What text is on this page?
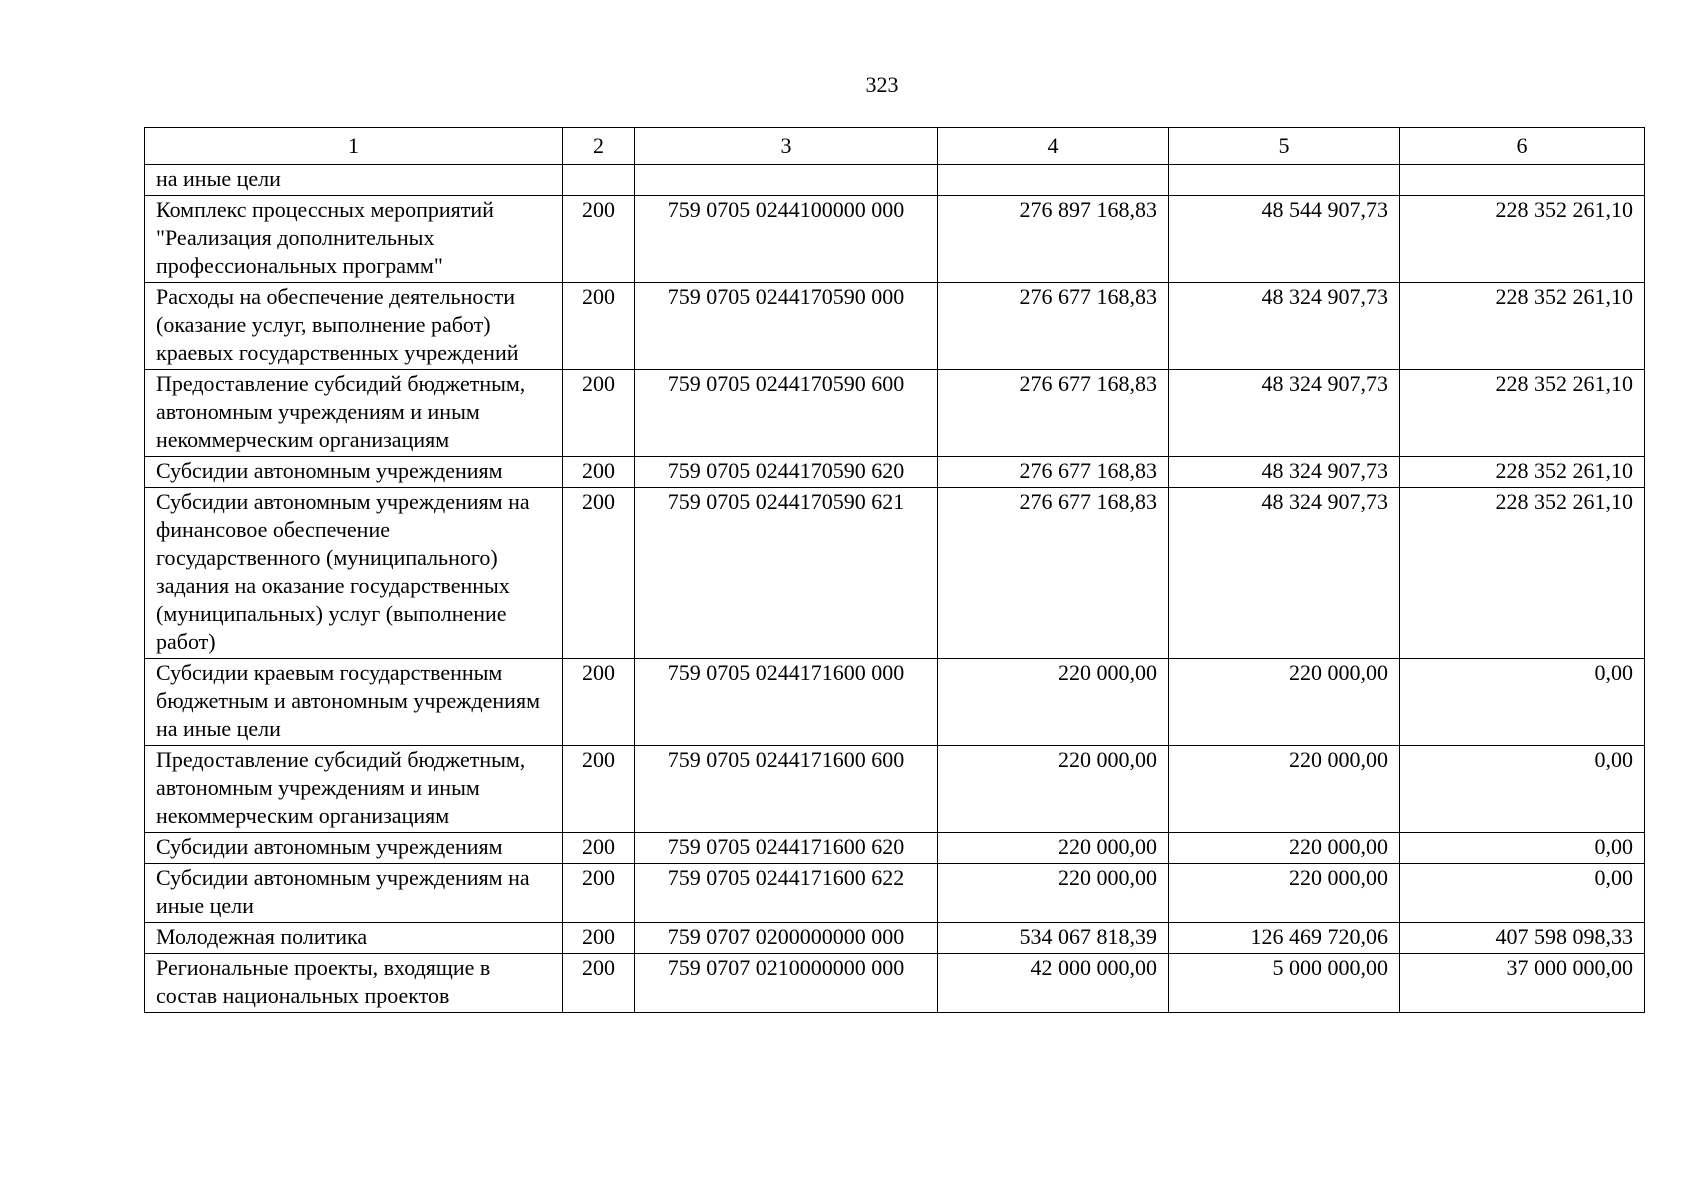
323
1	2	3	4	5	6
на иные цели					
Комплекс процессных мероприятий "Реализация дополнительных профессиональных программ"	200	759 0705 0244100000 000	276 897 168,83	48 544 907,73	228 352 261,10
Расходы на обеспечение деятельности (оказание услуг, выполнение работ) краевых государственных учреждений	200	759 0705 0244170590 000	276 677 168,83	48 324 907,73	228 352 261,10
Предоставление субсидий бюджетным, автономным учреждениям и иным некоммерческим организациям	200	759 0705 0244170590 600	276 677 168,83	48 324 907,73	228 352 261,10
Субсидии автономным учреждениям	200	759 0705 0244170590 620	276 677 168,83	48 324 907,73	228 352 261,10
Субсидии автономным учреждениям на финансовое обеспечение государственного (муниципального) задания на оказание государственных (муниципальных) услуг (выполнение работ)	200	759 0705 0244170590 621	276 677 168,83	48 324 907,73	228 352 261,10
Субсидии краевым государственным бюджетным и автономным учреждениям на иные цели	200	759 0705 0244171600 000	220 000,00	220 000,00	0,00
Предоставление субсидий бюджетным, автономным учреждениям и иным некоммерческим организациям	200	759 0705 0244171600 600	220 000,00	220 000,00	0,00
Субсидии автономным учреждениям	200	759 0705 0244171600 620	220 000,00	220 000,00	0,00
Субсидии автономным учреждениям на иные цели	200	759 0705 0244171600 622	220 000,00	220 000,00	0,00
Молодежная политика	200	759 0707 0200000000 000	534 067 818,39	126 469 720,06	407 598 098,33
Региональные проекты, входящие в состав национальных проектов	200	759 0707 0210000000 000	42 000 000,00	5 000 000,00	37 000 000,00
